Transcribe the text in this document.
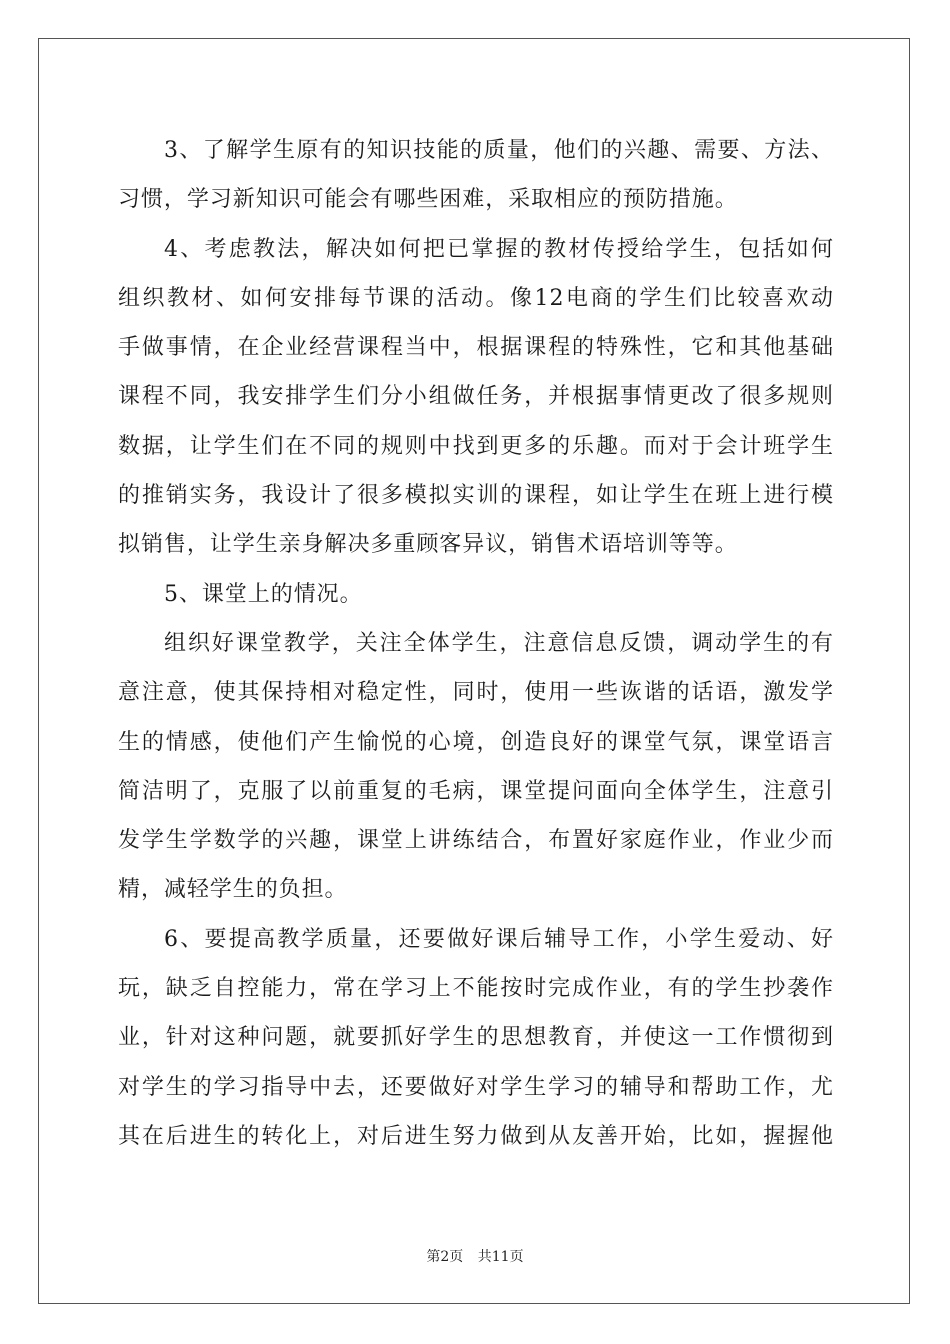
3、了解学生原有的知识技能的质量，他们的兴趣、需要、方法、
习惯，学习新知识可能会有哪些困难，采取相应的预防措施。
4、考虑教法，解决如何把已掌握的教材传授给学生，包括如何
组织教材、如何安排每节课的活动。像12电商的学生们比较喜欢动
手做事情，在企业经营课程当中，根据课程的特殊性，它和其他基础
课程不同，我安排学生们分小组做任务，并根据事情更改了很多规则
数据，让学生们在不同的规则中找到更多的乐趣。而对于会计班学生
的推销实务，我设计了很多模拟实训的课程，如让学生在班上进行模
拟销售，让学生亲身解决多重顾客异议，销售术语培训等等。
5、课堂上的情况。
组织好课堂教学，关注全体学生，注意信息反馈，调动学生的有
意注意，使其保持相对稳定性，同时，使用一些诙谐的话语，激发学
生的情感，使他们产生愉悦的心境，创造良好的课堂气氛，课堂语言
简洁明了，克服了以前重复的毛病，课堂提问面向全体学生，注意引
发学生学数学的兴趣，课堂上讲练结合，布置好家庭作业，作业少而
精，减轻学生的负担。
6、要提高教学质量，还要做好课后辅导工作，小学生爱动、好
玩，缺乏自控能力，常在学习上不能按时完成作业，有的学生抄袭作
业，针对这种问题，就要抓好学生的思想教育，并使这一工作惯彻到
对学生的学习指导中去，还要做好对学生学习的辅导和帮助工作，尤
其在后进生的转化上，对后进生努力做到从友善开始，比如，握握他
第2页 共11页
